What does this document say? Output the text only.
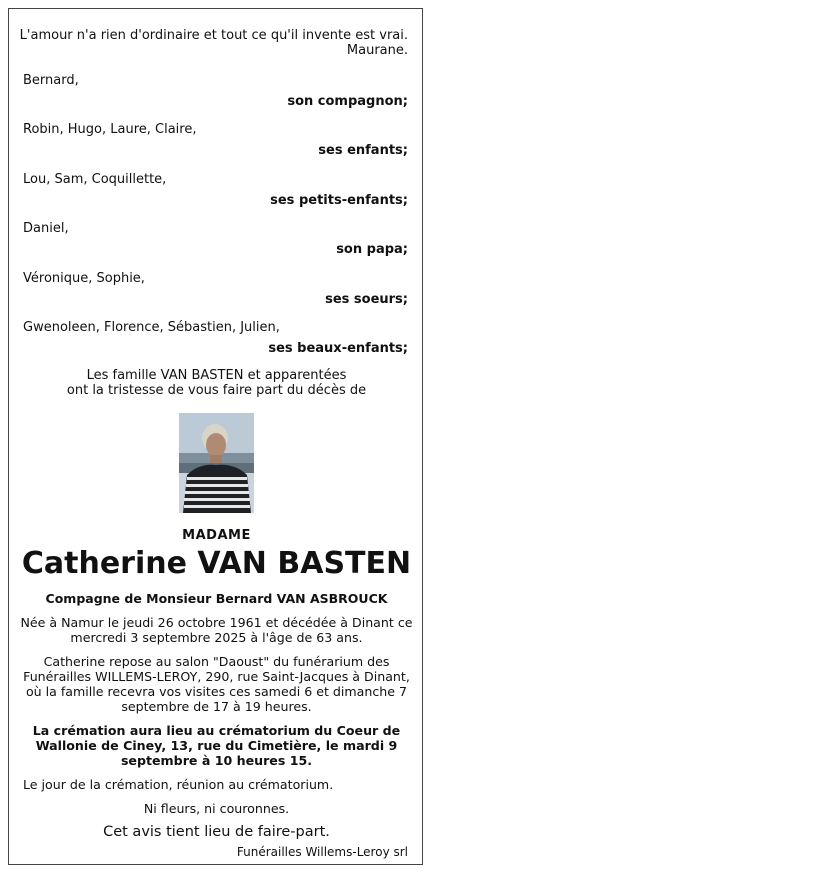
L'amour n'a rien d'ordinaire et tout ce qu'il invente est vrai.
Maurane.
Bernard,
son compagnon;
Robin, Hugo, Laure, Claire,
ses enfants;
Lou, Sam, Coquillette,
ses petits-enfants;
Daniel,
son papa;
Véronique, Sophie,
ses soeurs;
Gwenoleen, Florence, Sébastien, Julien,
ses beaux-enfants;
Les famille VAN BASTEN et apparentées
ont la tristesse de vous faire part du décès de
MADAME
Catherine VAN BASTEN
Compagne de Monsieur Bernard VAN ASBROUCK
Née à Namur le jeudi 26 octobre 1961 et décédée à Dinant ce mercredi 3 septembre 2025 à l'âge de 63 ans.
Catherine repose au salon "Daoust" du funérarium des Funérailles WILLEMS-LEROY, 290, rue Saint-Jacques à Dinant, où la famille recevra vos visites ces samedi 6 et dimanche 7 septembre de 17 à 19 heures.
La crémation aura lieu au crématorium du Coeur de Wallonie de Ciney, 13, rue du Cimetière, le mardi 9 septembre à 10 heures 15.
Le jour de la crémation, réunion au crématorium.
Ni fleurs, ni couronnes.
Cet avis tient lieu de faire-part.
Funérailles Willems-Leroy srl
